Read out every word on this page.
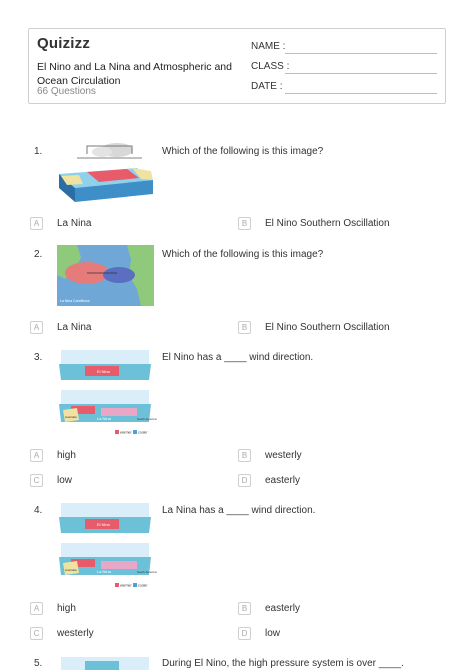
Quizizz
El Nino and La Nina and Atmospheric and Ocean Circulation
66 Questions
NAME :
CLASS :
DATE :
1.	Which of the following is this image?
A La Nina	B El Nino Southern Oscillation
2.
La Nina Conditions
Which of the following is this image?
A La Nina	B El Nino Southern Oscillation
3.
El Nino
Australia	La Nina	South America
warmer cooler
El Nino has a ____ wind direction.
A high	B westerly
C low	D easterly
4.
El Nino
Australia	La Nina	South America
warmer cooler
La Nina has a ____ wind direction.
A high	B easterly
C westerly	D low
5.	During El Nino, the high pressure system is over ____.
